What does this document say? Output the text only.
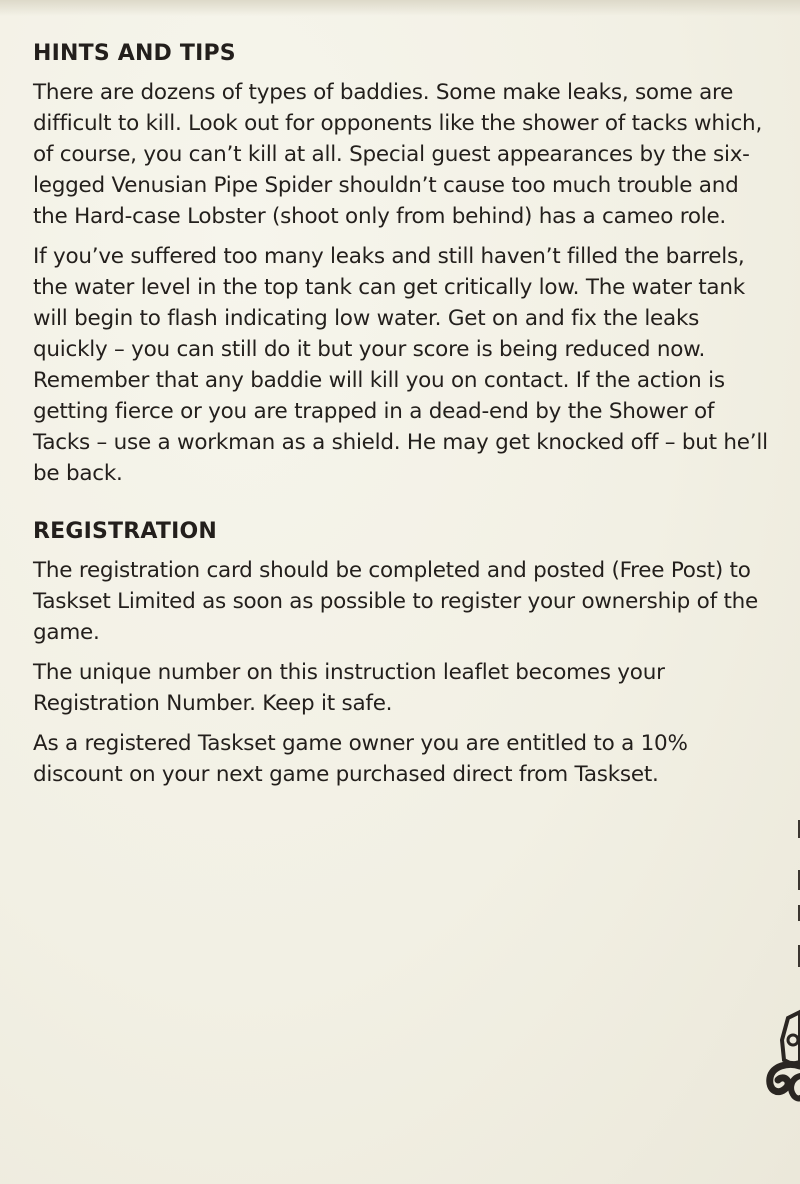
HINTS AND TIPS

There are dozens of types of baddies. Some make leaks, some are difficult to kill. Look out for opponents like the shower of tacks which, of course, you can’t kill at all. Special guest appearances by the six-legged Venusian Pipe Spider shouldn’t cause too much trouble and the Hard-case Lobster (shoot only from behind) has a cameo role.

If you’ve suffered too many leaks and still haven’t filled the barrels, the water level in the top tank can get critically low. The water tank will begin to flash indicating low water. Get on and fix the leaks quickly – you can still do it but your score is being reduced now. Remember that any baddie will kill you on contact. If the action is getting fierce or you are trapped in a dead-end by the Shower of Tacks – use a workman as a shield. He may get knocked off – but he’ll be back.

REGISTRATION

The registration card should be completed and posted (Free Post) to Taskset Limited as soon as possible to register your ownership of the game.

The unique number on this instruction leaflet becomes your Registration Number. Keep it safe.

As a registered Taskset game owner you are entitled to a 10% discount on your next game purchased direct from Taskset.
